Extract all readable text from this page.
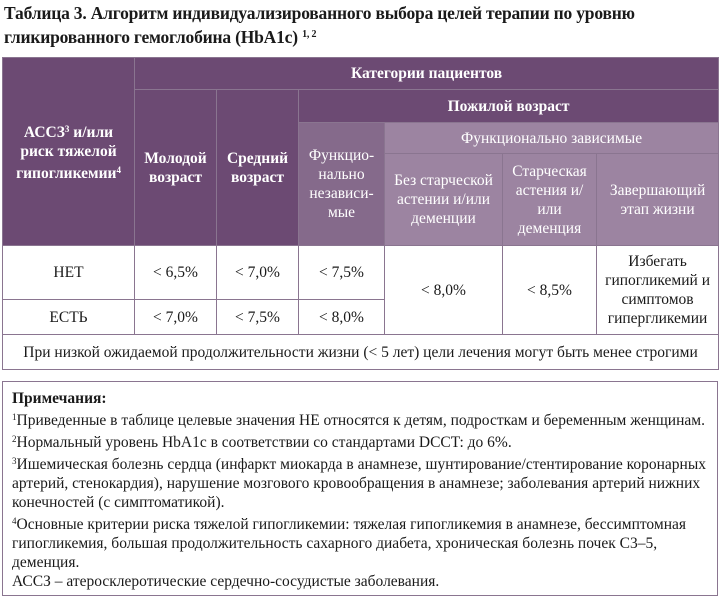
Таблица 3. Алгоритм индивидуализированного выбора целей терапии по уровню гликированного гемоглобина (HbA1c) $^{1, 2}$
АССЗ$^3$ и/или риск тяжелой гипогликемии$^4$	Категории пациентов					
	Молодой возраст	Средний возраст	Пожилой возраст			
			Функцио-нально независи-мые	Функционально зависимые		
				Без старческой астении и/или деменции	Старческая астения и/или деменция	Завершающий этап жизни
НЕТ	< 6,5%	< 7,0%	< 7,5%	< 8,0%	< 8,5%	Избегать гипогликемий и симптомов гипергликемии
ЕСТЬ	< 7,0%	< 7,5%	< 8,0%			
При низкой ожидаемой продолжительности жизни (< 5 лет) цели лечения могут быть менее строгими						

Примечания:

$^1$Приведенные в таблице целевые значения НЕ относятся к детям, подросткам и беременным женщинам.

$^2$Нормальный уровень HbA1c в соответствии со стандартами DCCT: до 6%.

$^3$Ишемическая болезнь сердца (инфаркт миокарда в анамнезе, шунтирование/стентирование коронарных артерий, стенокардия), нарушение мозгового кровообращения в анамнезе; заболевания артерий нижних конечностей (с симптоматикой).

$^4$Основные критерии риска тяжелой гипогликемии: тяжелая гипогликемия в анамнезе, бессимптомная гипогликемия, большая продолжительность сахарного диабета, хроническая болезнь почек С3–5, деменция.

АССЗ – атеросклеротические сердечно-сосудистые заболевания.
